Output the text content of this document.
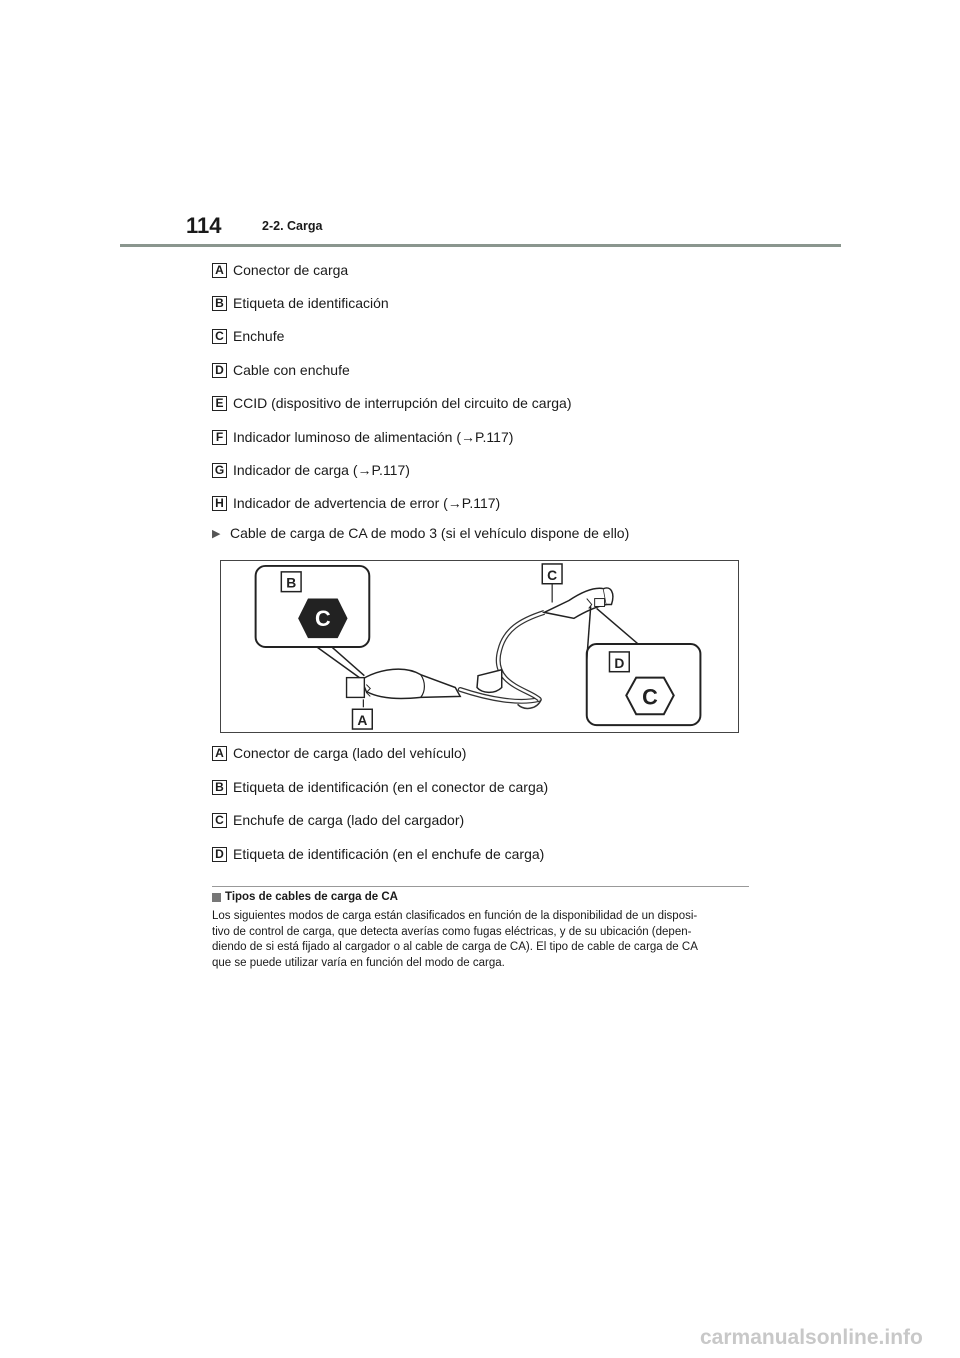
114	2-2. Carga
A Conector de carga
B Etiqueta de identificación
C Enchufe
D Cable con enchufe
E CCID (dispositivo de interrupción del circuito de carga)
F Indicador luminoso de alimentación (→P.117)
G Indicador de carga (→P.117)
H Indicador de advertencia de error (→P.117)
▶ Cable de carga de CA de modo 3 (si el vehículo dispone de ello)
B	C
D
A
C
C
A Conector de carga (lado del vehículo)
B Etiqueta de identificación (en el conector de carga)
C Enchufe de carga (lado del cargador)
D Etiqueta de identificación (en el enchufe de carga)
Tipos de cables de carga de CA
Los siguientes modos de carga están clasificados en función de la disponibilidad de un disposi-
tivo de control de carga, que detecta averías como fugas eléctricas, y de su ubicación (depen-
diendo de si está fijado al cargador o al cable de carga de CA). El tipo de cable de carga de CA
que se puede utilizar varía en función del modo de carga.
carmanualsonline.info
